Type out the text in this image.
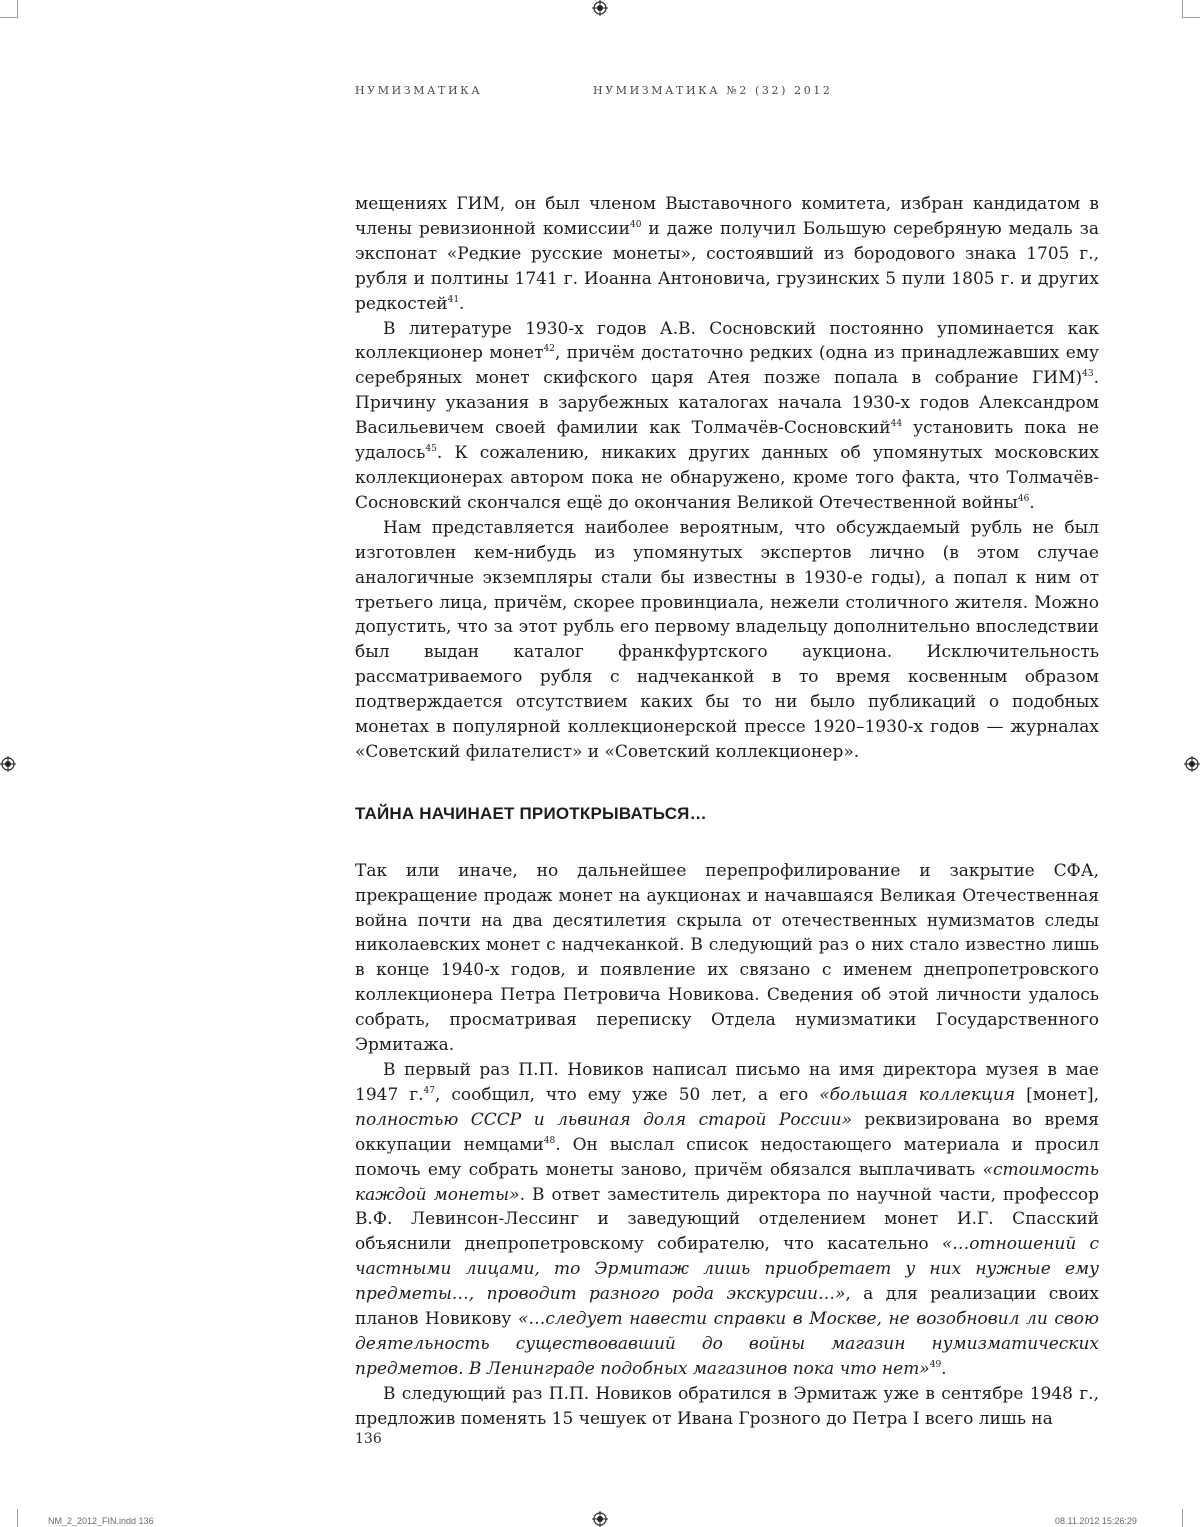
НУМИЗМАТИКА	НУМИЗМАТИКА №2 (32) 2012

мещениях ГИМ, он был членом Выставочного комитета, избран кандидатом в члены ревизионной комиссии$^{40}$ и даже получил Большую серебряную медаль за экспонат «Редкие русские монеты», состоявший из бородового знака 1705 г., рубля и полтины 1741 г. Иоанна Антоновича, грузинских 5 пули 1805 г. и других редкостей$^{41}$.

В литературе 1930-х годов А.В. Сосновский постоянно упоминается как коллекционер монет$^{42}$, причём достаточно редких (одна из принадлежавших ему серебряных монет скифского царя Атея позже попала в собрание ГИМ)$^{43}$. Причину указания в зарубежных каталогах начала 1930-х годов Александром Васильевичем своей фамилии как Толмачёв-Сосновский$^{44}$ установить пока не удалось$^{45}$. К сожалению, никаких других данных об упомянутых московских коллекционерах автором пока не обнаружено, кроме того факта, что Толмачёв-Сосновский скончался ещё до окончания Великой Отечественной войны$^{46}$.

Нам представляется наиболее вероятным, что обсуждаемый рубль не был изготовлен кем-нибудь из упомянутых экспертов лично (в этом случае аналогичные экземпляры стали бы известны в 1930-е годы), а попал к ним от третьего лица, причём, скорее провинциала, нежели столичного жителя. Можно допустить, что за этот рубль его первому владельцу дополнительно впоследствии был выдан каталог франкфуртского аукциона. Исключительность рассматриваемого рубля с надчеканкой в то время косвенным образом подтверждается отсутствием каких бы то ни было публикаций о подобных монетах в популярной коллекционерской прессе 1920–1930-х годов — журналах «Советский филателист» и «Советский коллекционер».

ТАЙНА НАЧИНАЕТ ПРИОТКРЫВАТЬСЯ…

Так или иначе, но дальнейшее перепрофилирование и закрытие СФА, прекращение продаж монет на аукционах и начавшаяся Великая Отечественная война почти на два десятилетия скрыла от отечественных нумизматов следы николаевских монет с надчеканкой. В следующий раз о них стало известно лишь в конце 1940-х годов, и появление их связано с именем днепропетровского коллекционера Петра Петровича Новикова. Сведения об этой личности удалось собрать, просматривая переписку Отдела нумизматики Государственного Эрмитажа.

В первый раз П.П. Новиков написал письмо на имя директора музея в мае 1947 г.$^{47}$, сообщил, что ему уже 50 лет, а его «большая коллекция [монет], полностью СССР и львиная доля старой России» реквизирована во время оккупации немцами$^{48}$. Он выслал список недостающего материала и просил помочь ему собрать монеты заново, причём обязался выплачивать «стоимость каждой монеты». В ответ заместитель директора по научной части, профессор В.Ф. Левинсон-Лессинг и заведующий отделением монет И.Г. Спасский объяснили днепропетровскому собирателю, что касательно «…отношений с частными лицами, то Эрмитаж лишь приобретает у них нужные ему предметы…, проводит разного рода экскурсии…», а для реализации своих планов Новикову «…следует навести справки в Москве, не возобновил ли свою деятельность существовавший до войны магазин нумизматических предметов. В Ленинграде подобных магазинов пока что нет»$^{49}$.

В следующий раз П.П. Новиков обратился в Эрмитаж уже в сентябре 1948 г., предложив поменять 15 чешуек от Ивана Грозного до Петра I всего лишь на

136
NM_2_2012_FIN.indd 136	08.11.2012 15:26:29
